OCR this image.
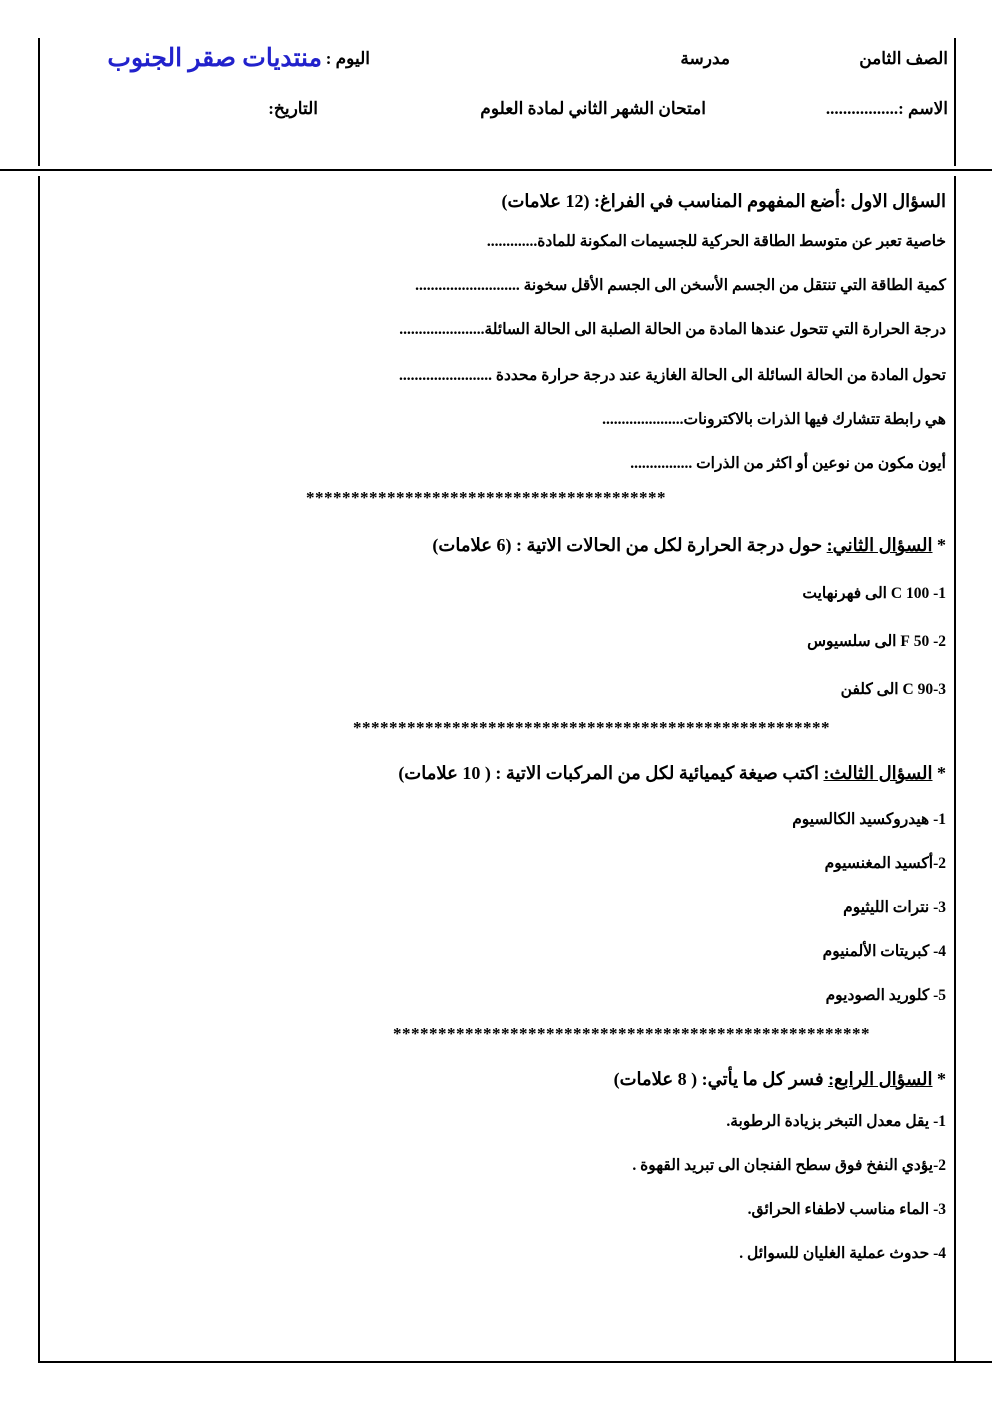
الصف الثامن
مدرسة
اليوم :
منتديات صقر الجنوب
الاسم :.................
امتحان الشهر الثاني لمادة العلوم
التاريخ:
السؤال الاول :أضع المفهوم المناسب في الفراغ: (12 علامات)
خاصية تعبر عن متوسط الطاقة الحركية للجسيمات المكونة للمادة.............
كمية الطاقة التي تنتقل من الجسم الأسخن الى الجسم الأقل سخونة ...........................
درجة الحرارة التي تتحول عندها المادة من الحالة الصلبة الى الحالة السائلة......................
تحول المادة من الحالة السائلة الى الحالة الغازية عند درجة حرارة محددة ........................
هي رابطة تتشارك فيها الذرات بالاكترونات.....................
أيون مكون من نوعين أو اكثر من الذرات ................
****************************************
* السؤال الثاني: حول درجة الحرارة لكل من الحالات الاتية : (6 علامات)
1- 100 C الى فهرنهايت
2- 50 F الى سلسيوس
3-C 90 الى كلفن
*****************************************************
* السؤال الثالث: اكتب صيغة كيميائية لكل من المركبات الاتية : ( 10 علامات)
1- هيدروكسيد الكالسيوم
2-أكسيد المغنسيوم
3- نترات الليثيوم
4- كبريتات الألمنيوم
5- كلوريد الصوديوم
*****************************************************
* السؤال الرابع: فسر كل ما يأتي: ( 8 علامات)
1- يقل معدل التبخر بزيادة الرطوبة.
2-يؤدي النفخ فوق سطح الفنجان الى تبريد القهوة .
3- الماء مناسب لاطفاء الحرائق.
4- حدوث عملية الغليان للسوائل .
